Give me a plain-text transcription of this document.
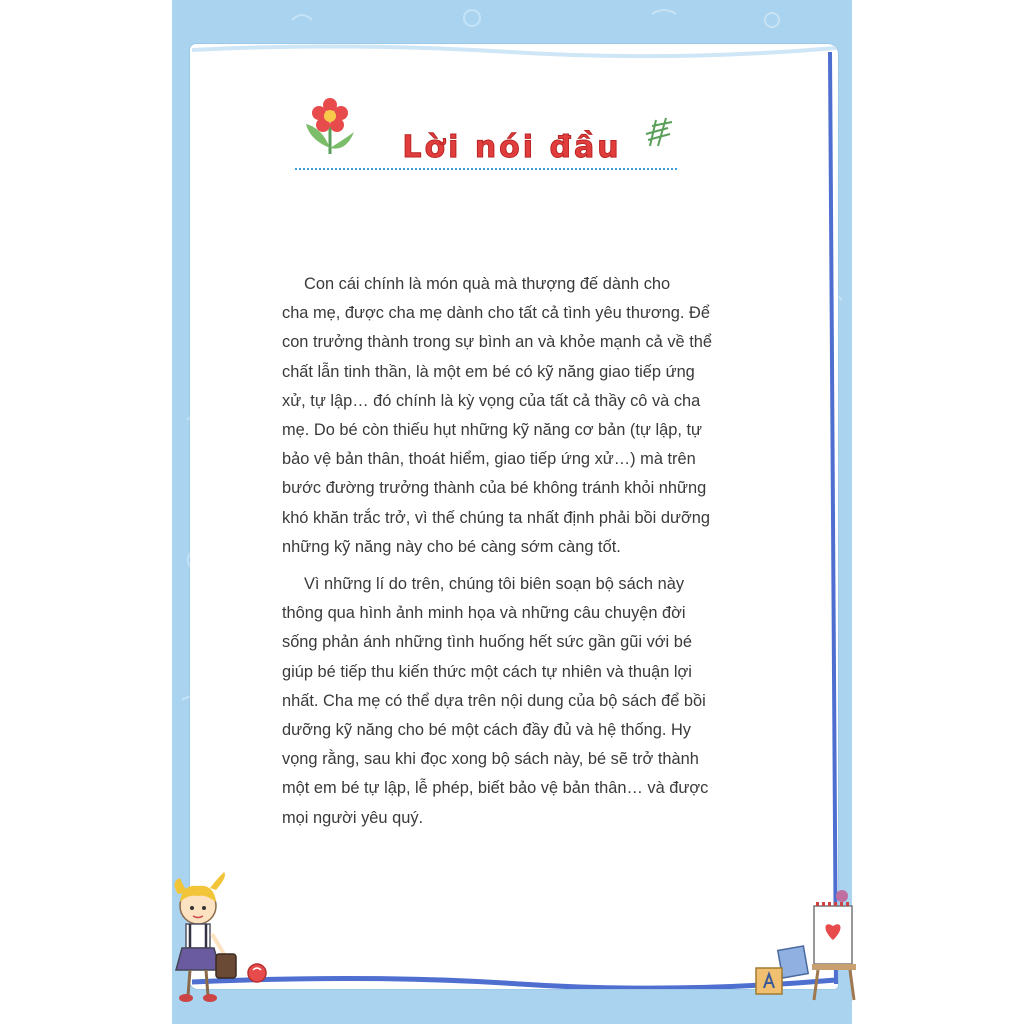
Lời nói đầu

Con cái chính là món quà mà thượng đế dành cho
cha mẹ, được cha mẹ dành cho tất cả tình yêu thương. Để
con trưởng thành trong sự bình an và khỏe mạnh cả về thể
chất lẫn tinh thần, là một em bé có kỹ năng giao tiếp ứng
xử, tự lập… đó chính là kỳ vọng của tất cả thầy cô và cha
mẹ. Do bé còn thiếu hụt những kỹ năng cơ bản (tự lập, tự
bảo vệ bản thân, thoát hiểm, giao tiếp ứng xử…) mà trên
bước đường trưởng thành của bé không tránh khỏi những
khó khăn trắc trở, vì thế chúng ta nhất định phải bồi dưỡng
những kỹ năng này cho bé càng sớm càng tốt.

Vì những lí do trên, chúng tôi biên soạn bộ sách này
thông qua hình ảnh minh họa và những câu chuyện đời
sống phản ánh những tình huống hết sức gần gũi với bé
giúp bé tiếp thu kiến thức một cách tự nhiên và thuận lợi
nhất. Cha mẹ có thể dựa trên nội dung của bộ sách để bồi
dưỡng kỹ năng cho bé một cách đầy đủ và hệ thống. Hy
vọng rằng, sau khi đọc xong bộ sách này, bé sẽ trở thành
một em bé tự lập, lễ phép, biết bảo vệ bản thân… và được
mọi người yêu quý.
